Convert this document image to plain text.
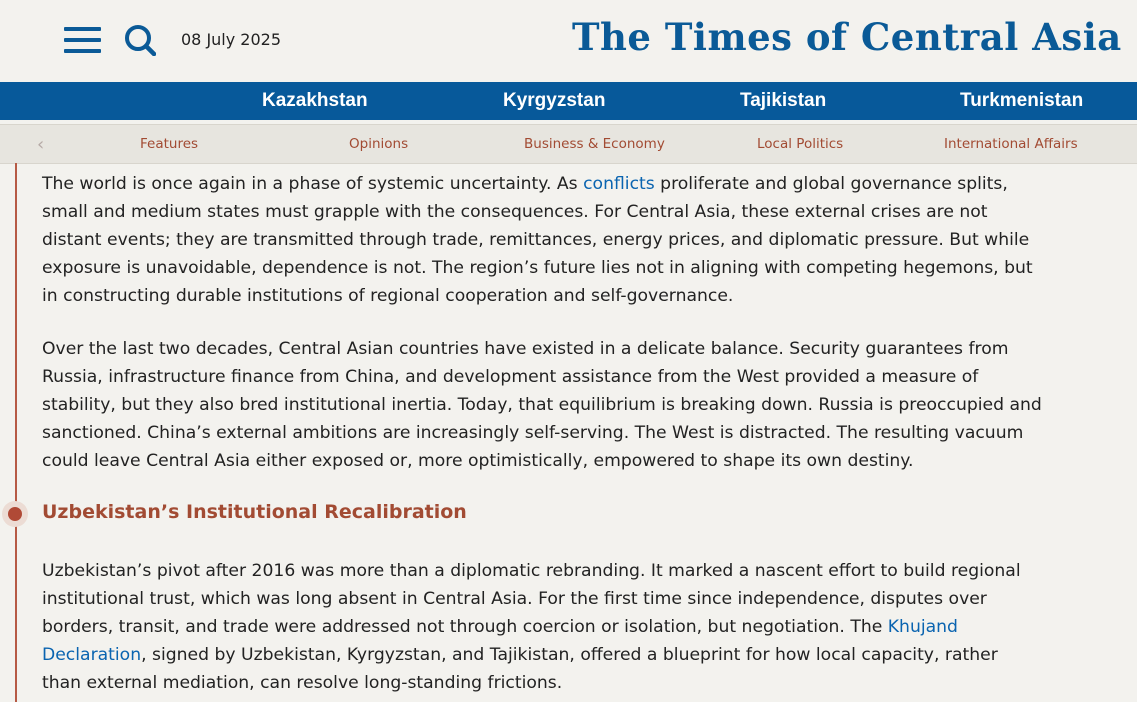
08 July 2025	The Times of Central Asia
Kazakhstan	Kyrgyzstan	Tajikistan	Turkmenistan
‹	Features	Opinions	Business & Economy	Local Politics	International Affairs

The world is once again in a phase of systemic uncertainty. As conflicts proliferate and global governance splits, small and medium states must grapple with the consequences. For Central Asia, these external crises are not distant events; they are transmitted through trade, remittances, energy prices, and diplomatic pressure. But while exposure is unavoidable, dependence is not. The region’s future lies not in aligning with competing hegemons, but in constructing durable institutions of regional cooperation and self-governance.

Over the last two decades, Central Asian countries have existed in a delicate balance. Security guarantees from Russia, infrastructure finance from China, and development assistance from the West provided a measure of stability, but they also bred institutional inertia. Today, that equilibrium is breaking down. Russia is preoccupied and sanctioned. China’s external ambitions are increasingly self-serving. The West is distracted. The resulting vacuum could leave Central Asia either exposed or, more optimistically, empowered to shape its own destiny.

Uzbekistan’s Institutional Recalibration

Uzbekistan’s pivot after 2016 was more than a diplomatic rebranding. It marked a nascent effort to build regional institutional trust, which was long absent in Central Asia. For the first time since independence, disputes over borders, transit, and trade were addressed not through coercion or isolation, but negotiation. The Khujand Declaration, signed by Uzbekistan, Kyrgyzstan, and Tajikistan, offered a blueprint for how local capacity, rather than external mediation, can resolve long-standing frictions.
